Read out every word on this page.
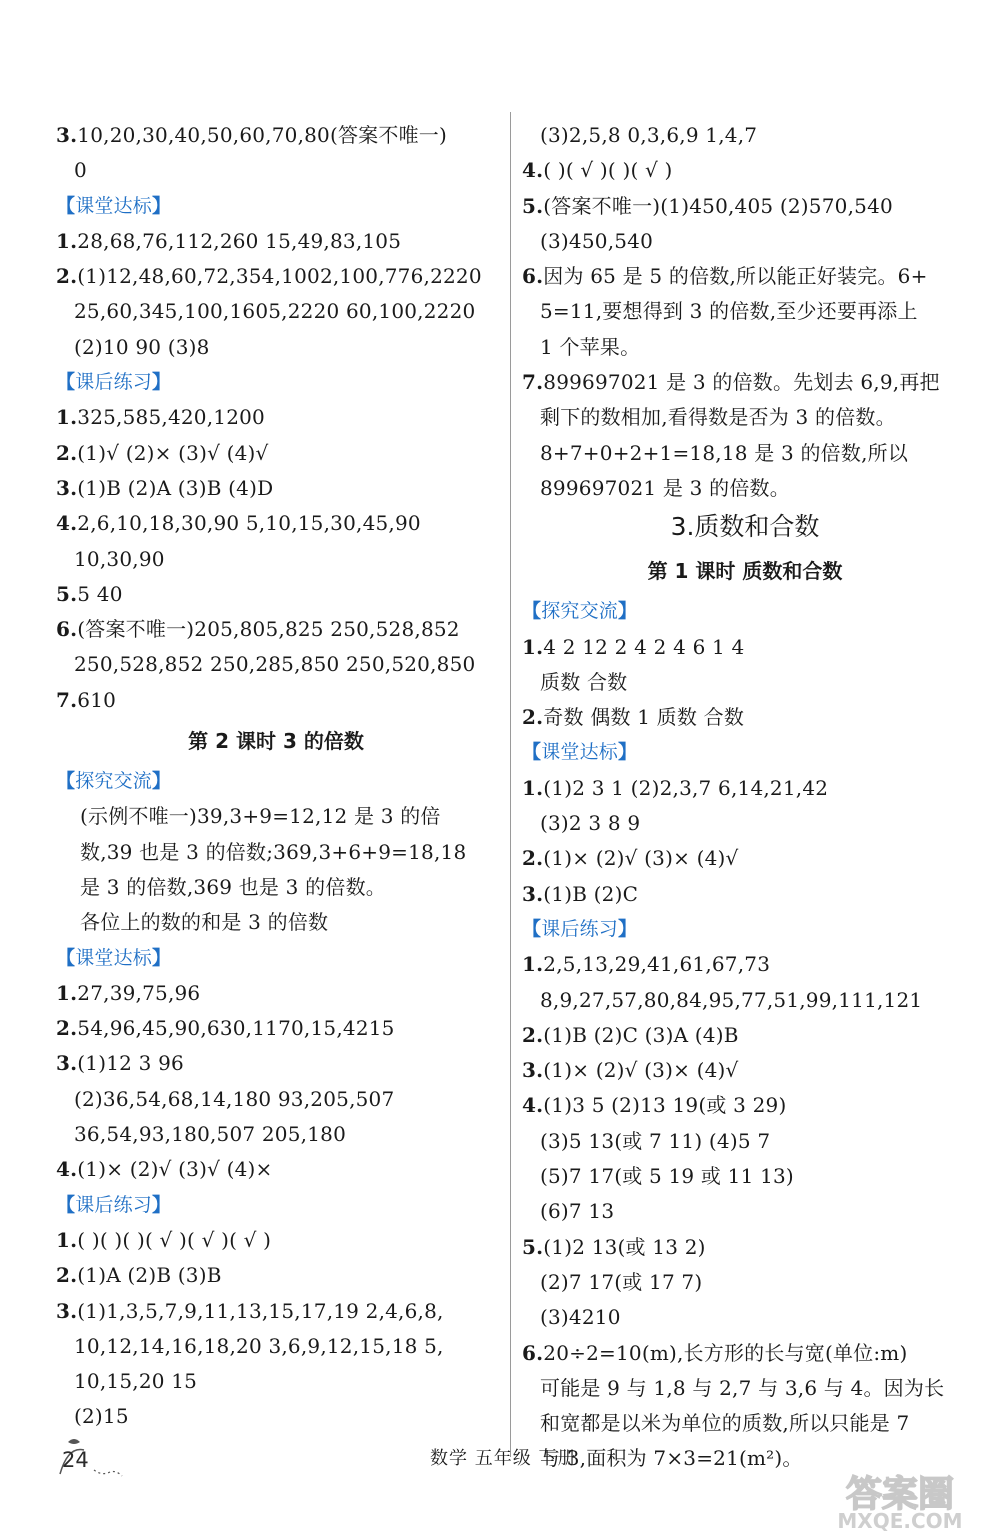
3.10,20,30,40,50,60,70,80(答案不唯一)
0
【课堂达标】
1.28,68,76,112,260 15,49,83,105
2.(1)12,48,60,72,354,1002,100,776,2220
25,60,345,100,1605,2220 60,100,2220
(2)10 90 (3)8
【课后练习】
1.325,585,420,1200
2.(1)√ (2)× (3)√ (4)√
3.(1)B (2)A (3)B (4)D
4.2,6,10,18,30,90 5,10,15,30,45,90
10,30,90
5.5 40
6.(答案不唯一)205,805,825 250,528,852
250,528,852 250,285,850 250,520,850
7.610
第 2 课时 3 的倍数
【探究交流】
(示例不唯一)39,3+9=12,12 是 3 的倍
数,39 也是 3 的倍数;369,3+6+9=18,18
是 3 的倍数,369 也是 3 的倍数。
各位上的数的和是 3 的倍数
【课堂达标】
1.27,39,75,96
2.54,96,45,90,630,1170,15,4215
3.(1)12 3 96
(2)36,54,68,14,180 93,205,507
36,54,93,180,507 205,180
4.(1)× (2)√ (3)√ (4)×
【课后练习】
1.( )( )( )( √ )( √ )( √ )
2.(1)A (2)B (3)B
3.(1)1,3,5,7,9,11,13,15,17,19 2,4,6,8,
10,12,14,16,18,20 3,6,9,12,15,18 5,
10,15,20 15
(2)15
(3)2,5,8 0,3,6,9 1,4,7
4.( )( √ )( )( √ )
5.(答案不唯一)(1)450,405 (2)570,540
(3)450,540
6.因为 65 是 5 的倍数,所以能正好装完。6+
5=11,要想得到 3 的倍数,至少还要再添上
1 个苹果。
7.899697021 是 3 的倍数。先划去 6,9,再把
剩下的数相加,看得数是否为 3 的倍数。
8+7+0+2+1=18,18 是 3 的倍数,所以
899697021 是 3 的倍数。
3.质数和合数
第 1 课时 质数和合数
【探究交流】
1.4 2 12 2 4 2 4 6 1 4
质数 合数
2.奇数 偶数 1 质数 合数
【课堂达标】
1.(1)2 3 1 (2)2,3,7 6,14,21,42
(3)2 3 8 9
2.(1)× (2)√ (3)× (4)√
3.(1)B (2)C
【课后练习】
1.2,5,13,29,41,61,67,73
8,9,27,57,80,84,95,77,51,99,111,121
2.(1)B (2)C (3)A (4)B
3.(1)× (2)√ (3)× (4)√
4.(1)3 5 (2)13 19(或 3 29)
(3)5 13(或 7 11) (4)5 7
(5)7 17(或 5 19 或 11 13)
(6)7 13
5.(1)2 13(或 13 2)
(2)7 17(或 17 7)
(3)4210
6.20÷2=10(m),长方形的长与宽(单位:m)
可能是 9 与 1,8 与 2,7 与 3,6 与 4。因为长
和宽都是以米为单位的质数,所以只能是 7
与 3,面积为 7×3=21(m²)。
24	数学 五年级 下册
答案圈
MXQE.COM
